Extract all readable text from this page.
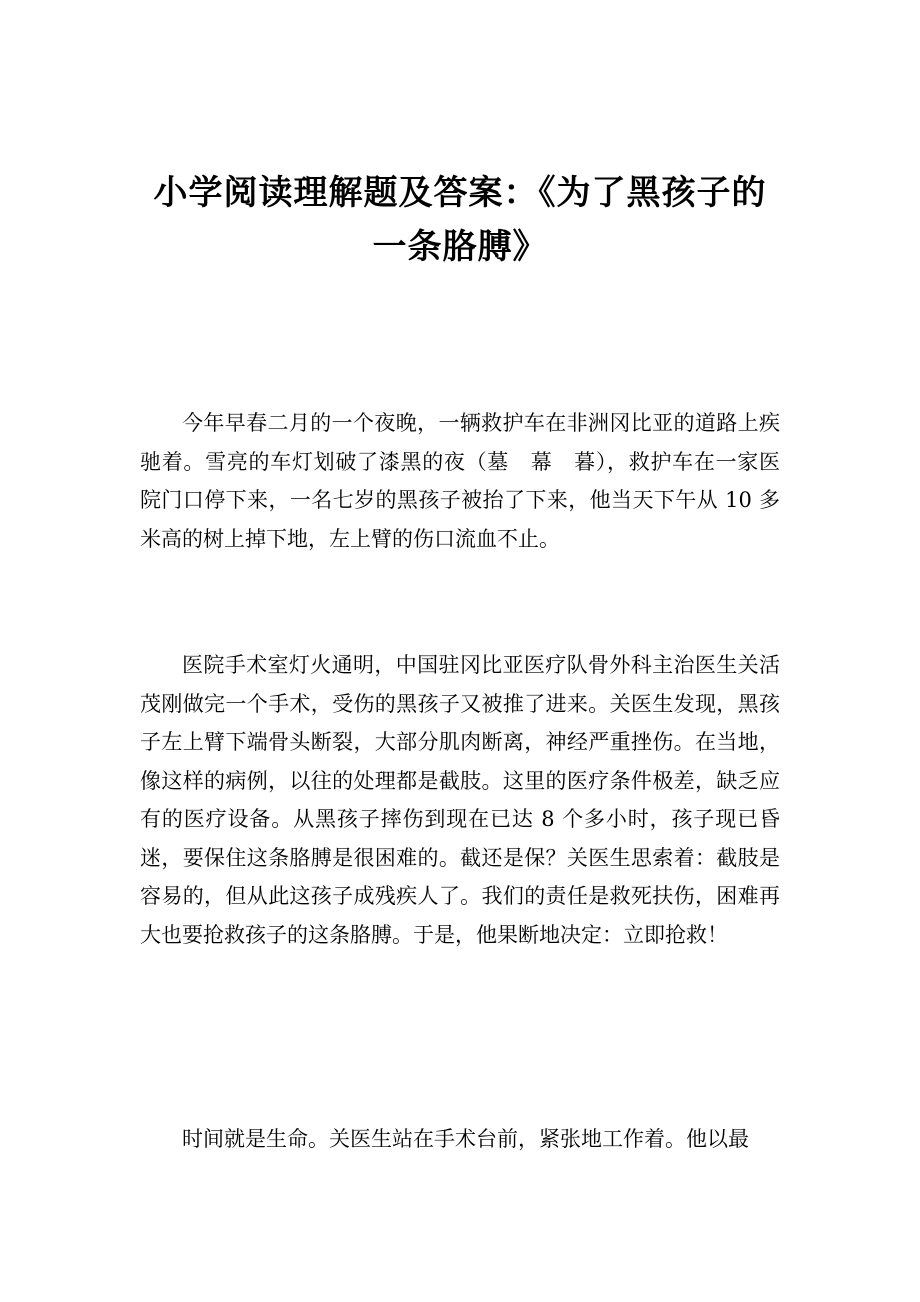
小学阅读理解题及答案：《为了黑孩子的
一条胳膊》

今年早春二月的一个夜晚，一辆救护车在非洲冈比亚的道路上疾驰着。雪亮的车灯划破了漆黑的夜（墓　幕　暮），救护车在一家医院门口停下来，一名七岁的黑孩子被抬了下来，他当天下午从 10 多米高的树上掉下地，左上臂的伤口流血不止。

医院手术室灯火通明，中国驻冈比亚医疗队骨外科主治医生关活茂刚做完一个手术，受伤的黑孩子又被推了进来。关医生发现，黑孩子左上臂下端骨头断裂，大部分肌肉断离，神经严重挫伤。在当地，像这样的病例，以往的处理都是截肢。这里的医疗条件极差，缺乏应有的医疗设备。从黑孩子摔伤到现在已达 8 个多小时，孩子现已昏迷，要保住这条胳膊是很困难的。截还是保？关医生思索着：截肢是容易的，但从此这孩子成残疾人了。我们的责任是救死扶伤，困难再大也要抢救孩子的这条胳膊。于是，他果断地决定：立即抢救！

时间就是生命。关医生站在手术台前，紧张地工作着。他以最
